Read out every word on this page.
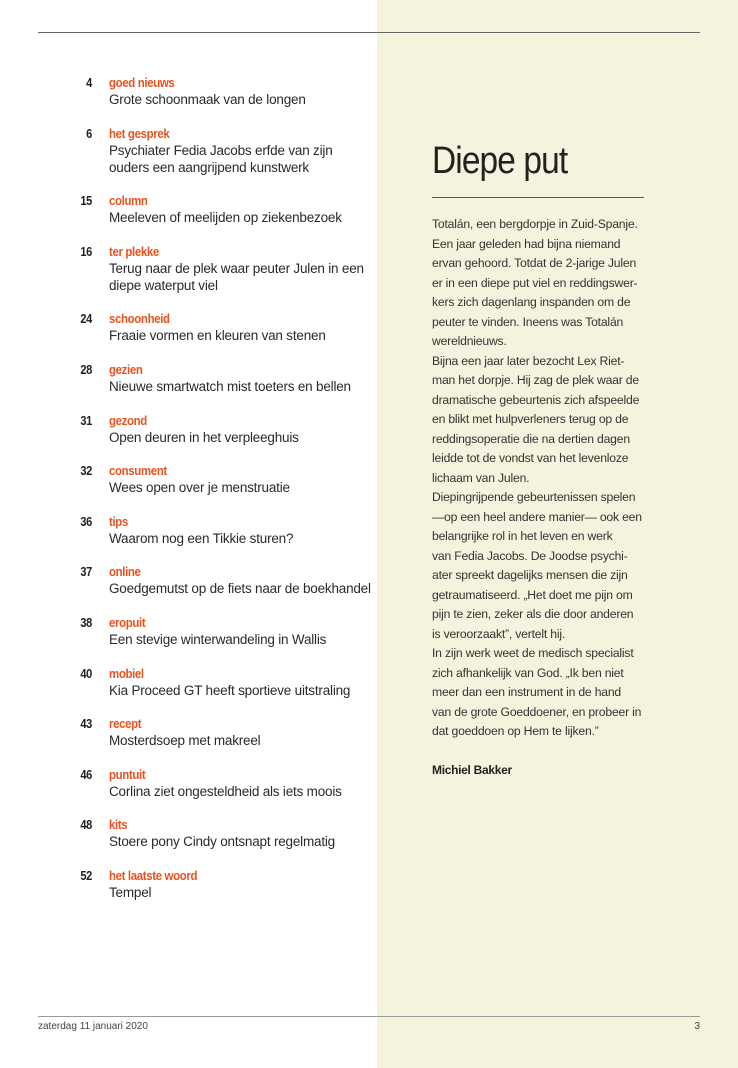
4 goed nieuws
Grote schoonmaak van de longen
6 het gesprek
Psychiater Fedia Jacobs erfde van zijn ouders een aangrijpend kunstwerk
15 column
Meeleven of meelijden op ziekenbezoek
16 ter plekke
Terug naar de plek waar peuter Julen in een diepe waterput viel
24 schoonheid
Fraaie vormen en kleuren van stenen
28 gezien
Nieuwe smartwatch mist toeters en bellen
31 gezond
Open deuren in het verpleeghuis
32 consument
Wees open over je menstruatie
36 tips
Waarom nog een Tikkie sturen?
37 online
Goedgemutst op de fiets naar de boekhandel
38 eropuit
Een stevige winterwandeling in Wallis
40 mobiel
Kia Proceed GT heeft sportieve uitstraling
43 recept
Mosterdsoep met makreel
46 puntuit
Corlina ziet ongesteldheid als iets moois
48 kits
Stoere pony Cindy ontsnapt regelmatig
52 het laatste woord
Tempel
Diepe put
Totalán, een bergdorpje in Zuid-Spanje.
Een jaar geleden had bijna niemand
ervan gehoord. Totdat de 2-jarige Julen
er in een diepe put viel en reddingswer-
kers zich dagenlang inspanden om de
peuter te vinden. Ineens was Totalán
wereldnieuws.
Bijna een jaar later bezocht Lex Riet-
man het dorpje. Hij zag de plek waar de
dramatische gebeurtenis zich afspeelde
en blikt met hulpverleners terug op de
reddingsoperatie die na dertien dagen
leidde tot de vondst van het levenloze
lichaam van Julen.
Diepingrijpende gebeurtenissen spelen
—op een heel andere manier— ook een
belangrijke rol in het leven en werk
van Fedia Jacobs. De Joodse psychi-
ater spreekt dagelijks mensen die zijn
getraumatiseerd. „Het doet me pijn om
pijn te zien, zeker als die door anderen
is veroorzaakt”, vertelt hij.
In zijn werk weet de medisch specialist
zich afhankelijk van God. „Ik ben niet
meer dan een instrument in de hand
van de grote Goeddoener, en probeer in
dat goeddoen op Hem te lijken.”
Michiel Bakker
zaterdag 11 januari 2020	3
